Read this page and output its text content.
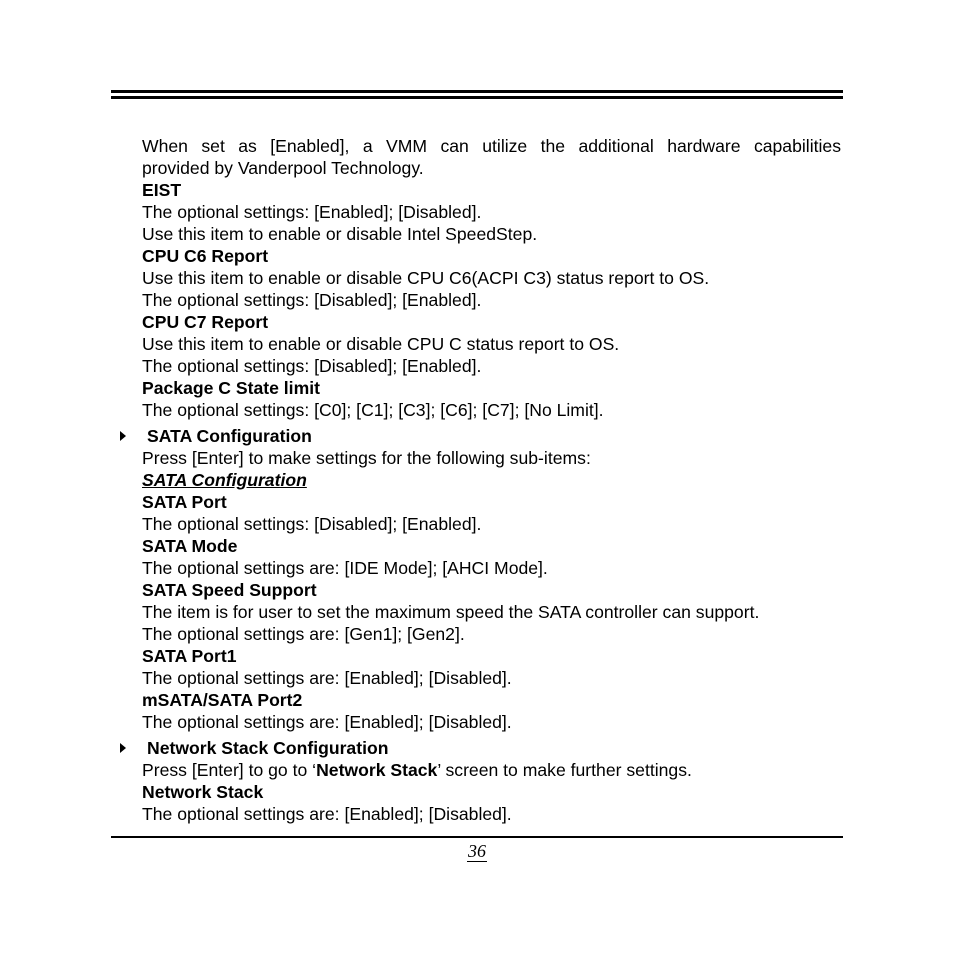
When set as [Enabled], a VMM can utilize the additional hardware capabilities
provided by Vanderpool Technology.
EIST
The optional settings: [Enabled]; [Disabled].
Use this item to enable or disable Intel SpeedStep.
CPU C6 Report
Use this item to enable or disable CPU C6(ACPI C3) status report to OS.
The optional settings: [Disabled]; [Enabled].
CPU C7 Report
Use this item to enable or disable CPU C status report to OS.
The optional settings: [Disabled]; [Enabled].
Package C State limit
The optional settings: [C0]; [C1]; [C3]; [C6]; [C7]; [No Limit].
SATA Configuration
Press [Enter] to make settings for the following sub-items:
SATA Configuration
SATA Port
The optional settings: [Disabled]; [Enabled].
SATA Mode
The optional settings are: [IDE Mode]; [AHCI Mode].
SATA Speed Support
The item is for user to set the maximum speed the SATA controller can support.
The optional settings are: [Gen1]; [Gen2].
SATA Port1
The optional settings are: [Enabled]; [Disabled].
mSATA/SATA Port2
The optional settings are: [Enabled]; [Disabled].
Network Stack Configuration
Press [Enter] to go to ‘Network Stack’ screen to make further settings.
Network Stack
The optional settings are: [Enabled]; [Disabled].
36
